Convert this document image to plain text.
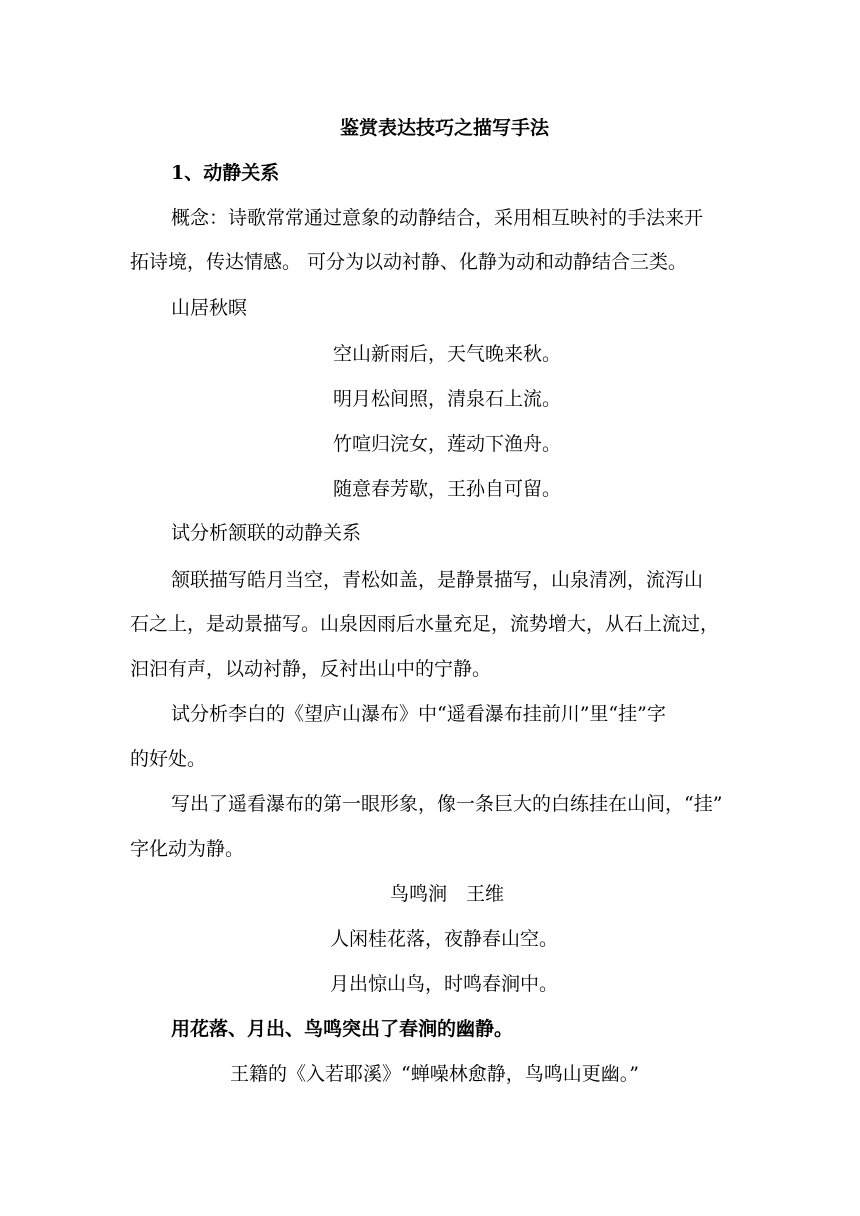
鉴赏表达技巧之描写手法
1、动静关系
概念：诗歌常常通过意象的动静结合，采用相互映衬的手法来开
拓诗境，传达情感。 可分为以动衬静、化静为动和动静结合三类。
山居秋暝
空山新雨后，天气晚来秋。
明月松间照，清泉石上流。
竹喧归浣女，莲动下渔舟。
随意春芳歇，王孙自可留。
试分析颔联的动静关系
颔联描写皓月当空，青松如盖，是静景描写，山泉清冽，流泻山
石之上，是动景描写。山泉因雨后水量充足，流势增大，从石上流过，
汩汩有声，以动衬静，反衬出山中的宁静。
试分析李白的《望庐山瀑布》中“遥看瀑布挂前川”里“挂”字
的好处。
写出了遥看瀑布的第一眼形象，像一条巨大的白练挂在山间，“挂”
字化动为静。
鸟鸣涧　王维
人闲桂花落，夜静春山空。
月出惊山鸟，时鸣春涧中。
用花落、月出、鸟鸣突出了春涧的幽静。
王籍的《入若耶溪》“蝉噪林愈静，鸟鸣山更幽。”
